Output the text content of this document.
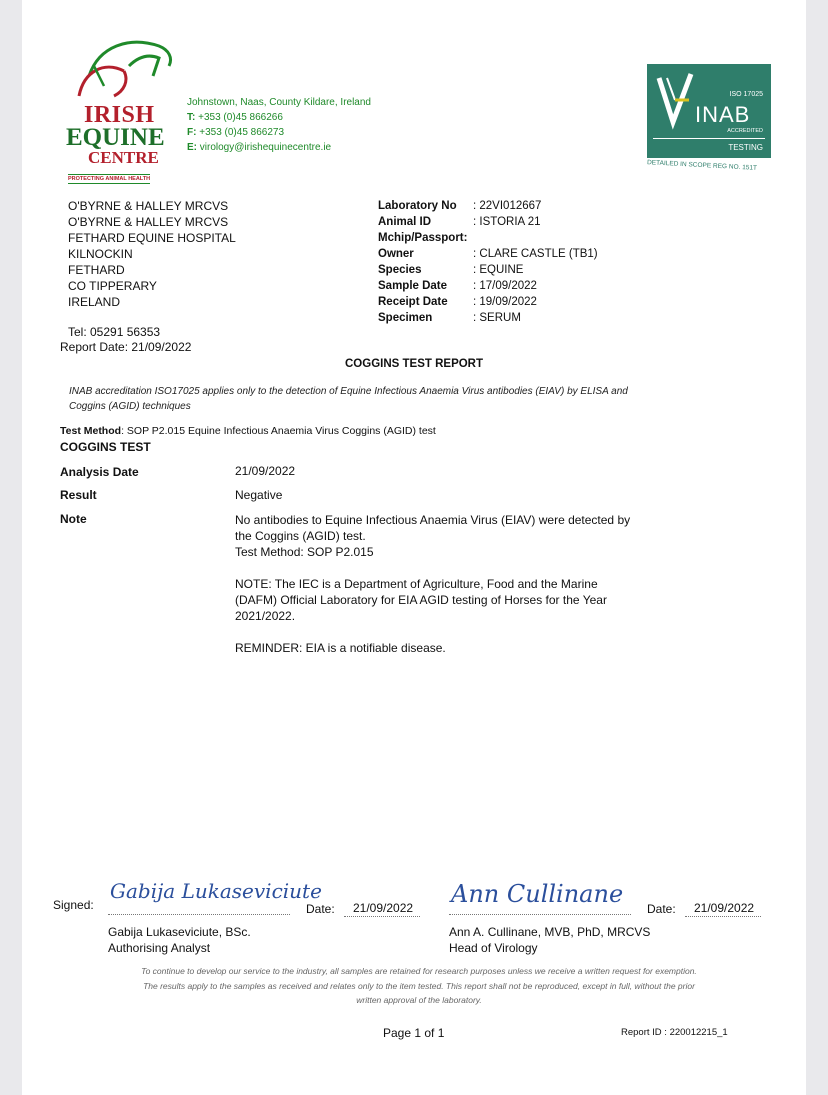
IRISH
EQUINE
CENTRE
PROTECTING ANIMAL HEALTH
Johnstown, Naas, County Kildare, Ireland
T: +353 (0)45 866266
F: +353 (0)45 866273
E: virology@irishequinecentre.ie
ISO 17025
INAB
ACCREDITED
TESTING
DETAILED IN SCOPE REG NO. 151T
O'BYRNE & HALLEY MRCVS
O'BYRNE & HALLEY MRCVS
FETHARD EQUINE HOSPITAL
KILNOCKIN
FETHARD
CO TIPPERARY
IRELAND
Tel: 05291 56353
Report Date: 21/09/2022
Laboratory No : 22VI012667
Animal ID	: ISTORIA 21
Mchip/Passport:
Owner	: CLARE CASTLE (TB1)
Species	: EQUINE
Sample Date : 17/09/2022
Receipt Date : 19/09/2022
Specimen	: SERUM
COGGINS TEST REPORT
INAB accreditation ISO17025 applies only to the detection of Equine Infectious Anaemia Virus antibodies (EIAV) by ELISA and
Coggins (AGID) techniques
Test Method: SOP P2.015 Equine Infectious Anaemia Virus Coggins (AGID) test
COGGINS TEST
Analysis Date	21/09/2022
Result	Negative
Note	No antibodies to Equine Infectious Anaemia Virus (EIAV) were detected by
the Coggins (AGID) test.
Test Method: SOP P2.015
NOTE: The IEC is a Department of Agriculture, Food and the Marine
(DAFM) Official Laboratory for EIA AGID testing of Horses for the Year
2021/2022.
REMINDER: EIA is a notifiable disease.
Signed:
Gabija Lukaseviciute
Date: 21/09/2022
Gabija Lukaseviciute, BSc.
Authorising Analyst
Ann Cullinane
Date: 21/09/2022
Ann A. Cullinane, MVB, PhD, MRCVS
Head of Virology
To continue to develop our service to the industry, all samples are retained for research purposes unless we receive a written request for exemption.
The results apply to the samples as received and relates only to the item tested. This report shall not be reproduced, except in full, without the prior
written approval of the laboratory.
Page 1 of 1	Report ID : 220012215_1
